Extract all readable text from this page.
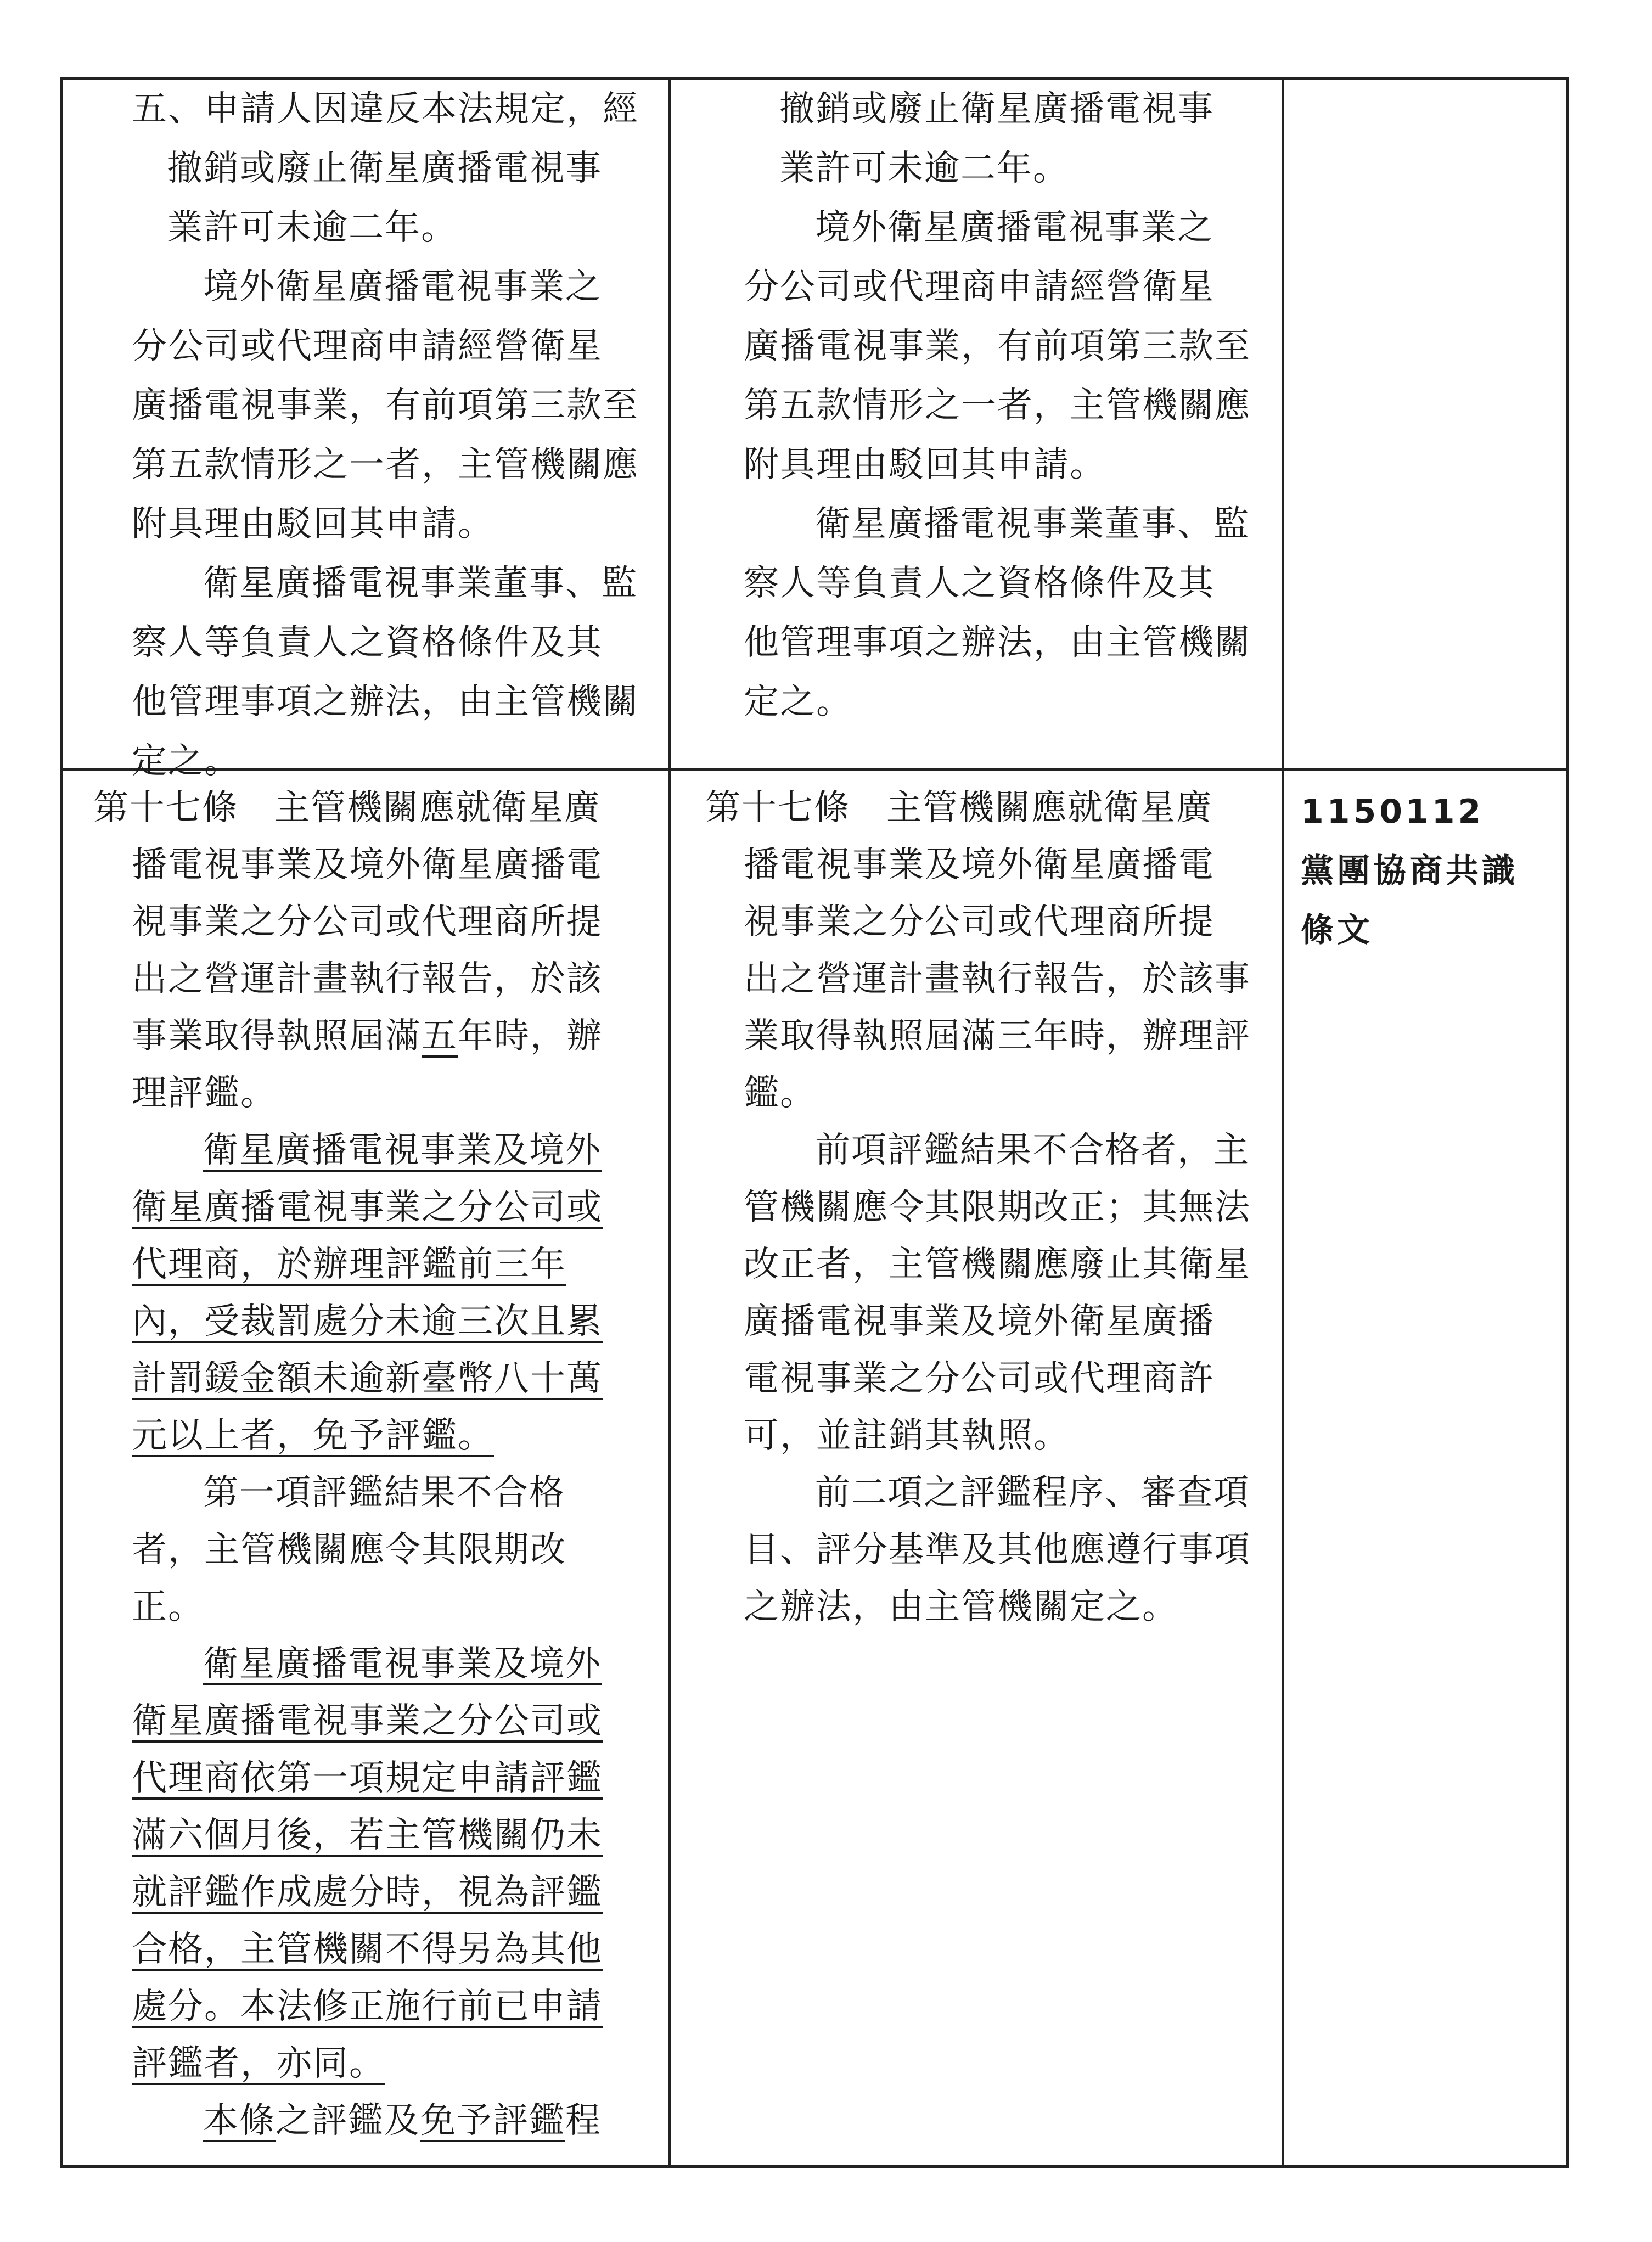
五、申請人因違反本法規定，經

撤銷或廢止衛星廣播電視事

業許可未逾二年。

境外衛星廣播電視事業之

分公司或代理商申請經營衛星

廣播電視事業，有前項第三款至

第五款情形之一者，主管機關應

附具理由駁回其申請。

衛星廣播電視事業董事、監

察人等負責人之資格條件及其

他管理事項之辦法，由主管機關

定之。

撤銷或廢止衛星廣播電視事

業許可未逾二年。

境外衛星廣播電視事業之

分公司或代理商申請經營衛星

廣播電視事業，有前項第三款至

第五款情形之一者，主管機關應

附具理由駁回其申請。

衛星廣播電視事業董事、監

察人等負責人之資格條件及其

他管理事項之辦法，由主管機關

定之。

第十七條　主管機關應就衛星廣

播電視事業及境外衛星廣播電

視事業之分公司或代理商所提

出之營運計畫執行報告，於該

事業取得執照屆滿五年時，辦

理評鑑。

衛星廣播電視事業及境外

衛星廣播電視事業之分公司或

代理商，於辦理評鑑前三年

內，受裁罰處分未逾三次且累

計罰鍰金額未逾新臺幣八十萬

元以上者，免予評鑑。

第一項評鑑結果不合格

者，主管機關應令其限期改

正。

衛星廣播電視事業及境外

衛星廣播電視事業之分公司或

代理商依第一項規定申請評鑑

滿六個月後，若主管機關仍未

就評鑑作成處分時，視為評鑑

合格，主管機關不得另為其他

處分。本法修正施行前已申請

評鑑者，亦同。

本條之評鑑及免予評鑑程

第十七條　主管機關應就衛星廣

播電視事業及境外衛星廣播電

視事業之分公司或代理商所提

出之營運計畫執行報告，於該事

業取得執照屆滿三年時，辦理評

鑑。

前項評鑑結果不合格者，主

管機關應令其限期改正；其無法

改正者，主管機關應廢止其衛星

廣播電視事業及境外衛星廣播

電視事業之分公司或代理商許

可，並註銷其執照。

前二項之評鑑程序、審查項

目、評分基準及其他應遵行事項

之辦法，由主管機關定之。

1150112

黨團協商共識

條文
